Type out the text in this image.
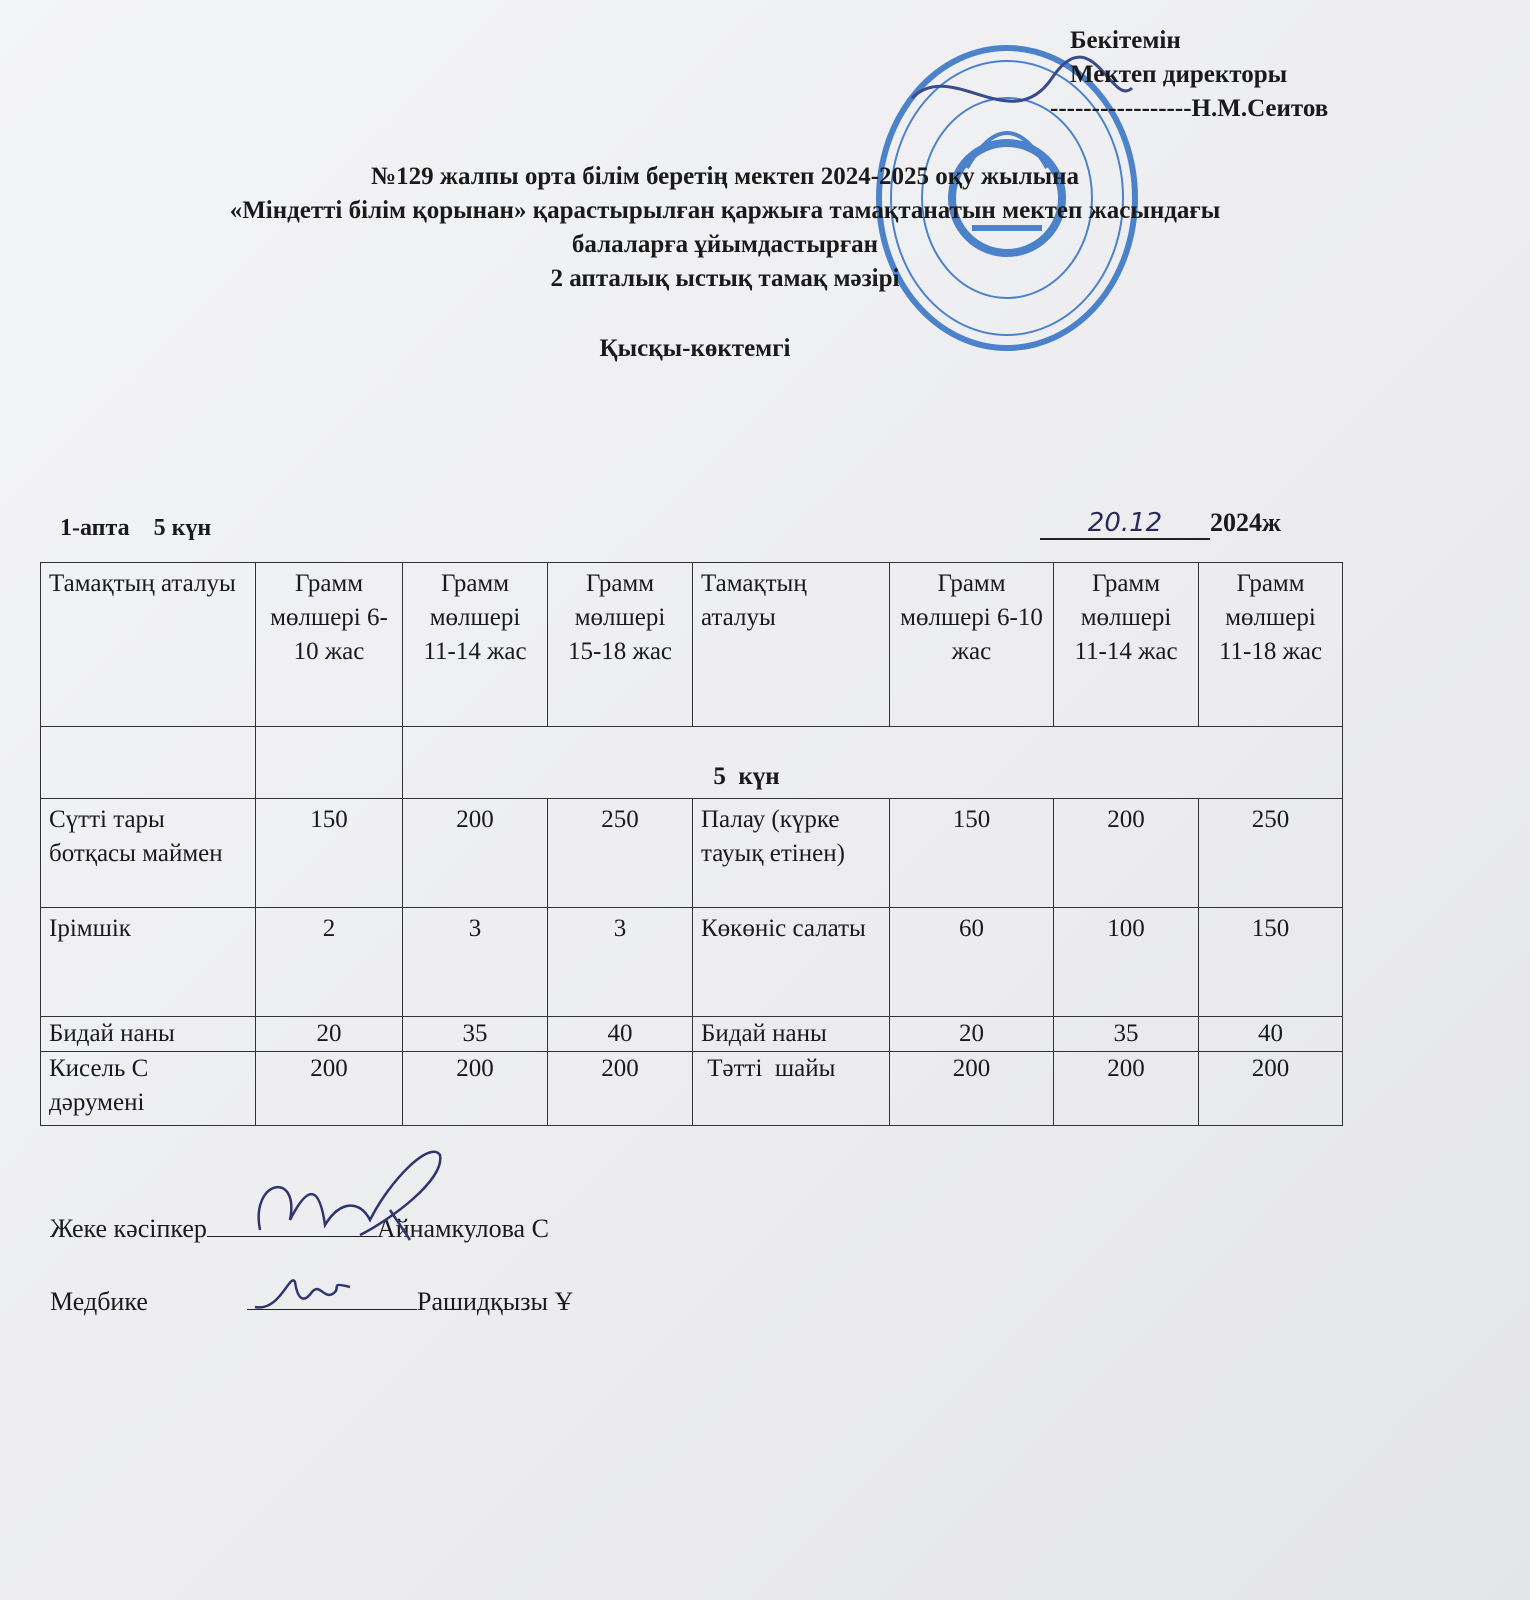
Бекітемін
Мектеп директоры
-----------------Н.М.Сеитов
№129 жалпы орта білім беретің мектеп 2024-2025 оқу жылына
«Міндетті білім қорынан» қарастырылған қаржыға тамақтанатын мектеп жасындағы
балаларға ұйымдастырған
2 апталық ыстық тамақ мәзірі
Қысқы-көктемгі
1-апта    5 күн	20.12 2024ж
Тамақтың аталуы	Грамм мөлшері 6-10 жас	Грамм мөлшері 11-14 жас	Грамм мөлшері 15-18 жас	Тамақтың аталуы	Грамм мөлшері 6-10 жас	Грамм мөлшері 11-14 жас	Грамм мөлшері 11-18 жас
		5  күн					
Сүтті тары ботқасы маймен	150	200	250	Палау (күрке тауық етінен)	150	200	250
Ірімшік	2	3	3	Көкөніс салаты	60	100	150
Бидай наны	20	35	40	Бидай наны	20	35	40
Кисель С дәрумені	200	200	200	Тәтті  шайы	200	200	200
Жеке кәсіпкер	Айнамкулова С
Медбике	Рашидқызы Ұ
